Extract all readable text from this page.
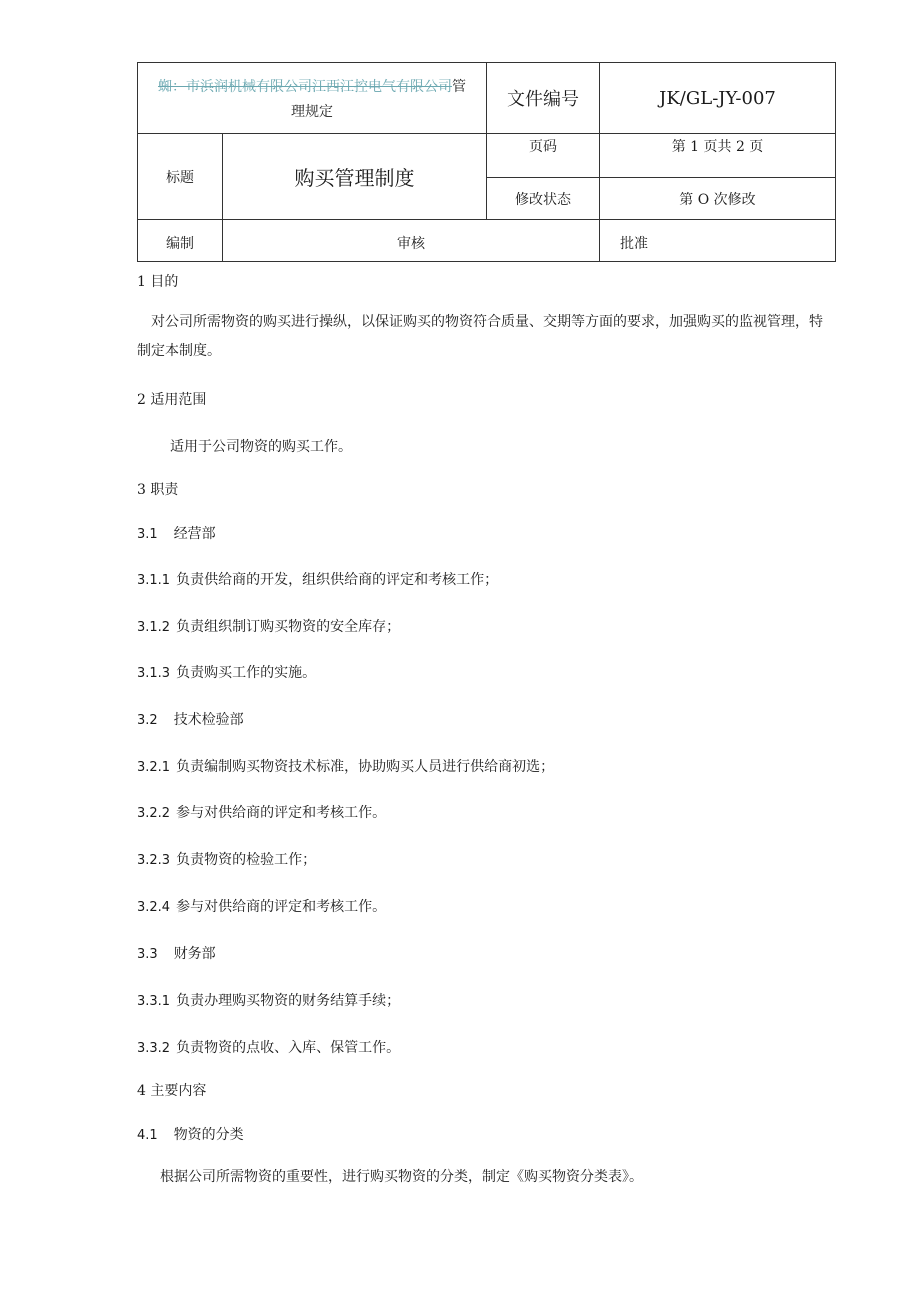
蜘：市浜润机械有限公司江西江控电气有限公司管
理规定		文件编号	JK/GL-JY-007
标题	购买管理制度	页码	第 1 页共 2 页
		修改状态	第 O 次修改
编制	审核		批准
1 目的
对公司所需物资的购买进行操纵，以保证购买的物资符合质量、交期等方面的要求，加强购买的监视管理，特制定本制度。
2 适用范围
适用于公司物资的购买工作。
3 职责
3.1 经营部
3.1.1 负责供给商的开发，组织供给商的评定和考核工作；
3.1.2 负责组织制订购买物资的安全库存；
3.1.3 负责购买工作的实施。
3.2 技术检验部
3.2.1 负责编制购买物资技术标准，协助购买人员进行供给商初选；
3.2.2 参与对供给商的评定和考核工作。
3.2.3 负责物资的检验工作；
3.2.4 参与对供给商的评定和考核工作。
3.3 财务部
3.3.1 负责办理购买物资的财务结算手续；
3.3.2 负责物资的点收、入库、保管工作。
4 主要内容
4.1 物资的分类
根据公司所需物资的重要性，进行购买物资的分类，制定《购买物资分类表》。
